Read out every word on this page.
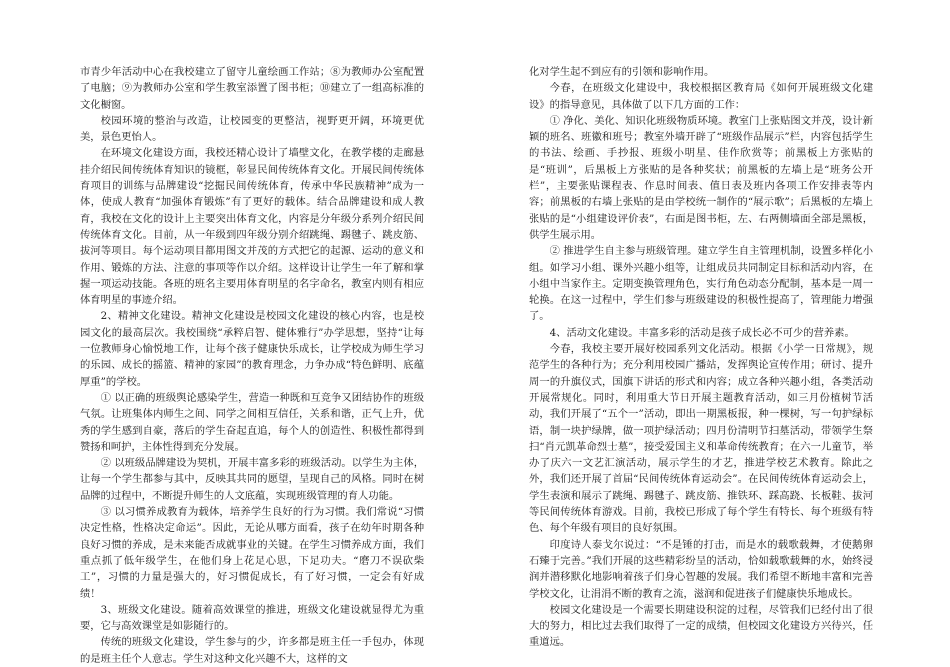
市青少年活动中心在我校建立了留守儿童绘画工作站；⑧为教师办公室配置了电脑；⑨为教师办公室和学生教室添置了图书柜；⑩建立了一组高标准的文化橱窗。

校园环境的整治与改造，让校园变的更整洁，视野更开阔，环境更优美，景色更怡人。

在环境文化建设方面，我校还精心设计了墙壁文化，在教学楼的走廊悬挂介绍民间传统体育知识的镜框，彰显民间传统体育文化。开展民间传统体育项目的训练与品牌建设“挖掘民间传统体育，传承中华民族精神”成为一体，使成人教育“加强体育锻炼”有了更好的载体。结合品牌建设和成人教育，我校在文化的设计上主要突出体育文化，内容是分年级分系列介绍民间传统体育文化。目前，从一年级到四年级分别介绍跳绳、踢毽子、跳皮筋、拔河等项目。每个运动项目都用图文并茂的方式把它的起源、运动的意义和作用、锻炼的方法、注意的事项等作以介绍。这样设计让学生一年了解和掌握一项运动技能。各班的班名主要用体育明星的名字命名，教室内则有相应体育明星的事迹介绍。

2、精神文化建设。精神文化建设是校园文化建设的核心内容，也是校园文化的最高层次。我校围绕“承粹启智、健体雅行”办学思想，坚持“让每一位教师身心愉悦地工作，让每个孩子健康快乐成长，让学校成为师生学习的乐园、成长的摇篮、精神的家园”的教育理念，力争办成“特色鲜明、底蕴厚重”的学校。

① 以正确的班级舆论感染学生，营造一种既和互竞争又团结协作的班级气氛。让班集体内师生之间、同学之间相互信任，关系和谐，正气上升，优秀的学生感到自豪，落后的学生奋起直追，每个人的创造性、积极性都得到赞扬和呵护，主体性得到充分发展。

② 以班级品牌建设为契机，开展丰富多彩的班级活动。以学生为主体，让每一个学生都参与其中，反映其共同的愿望，呈现自己的风格。同时在树品牌的过程中，不断提升师生的人文底蕴，实现班级管理的育人功能。

③ 以习惯养成教育为载体，培养学生良好的行为习惯。我们常说“习惯决定性格，性格决定命运”。因此，无论从哪方面看，孩子在幼年时期各种良好习惯的养成，是未来能否成就事业的关键。在学生习惯养成方面，我们重点抓了低年级学生，在他们身上花足心思，下足功夫。“磨刀不误砍柴工”，习惯的力量是强大的，好习惯促成长，有了好习惯，一定会有好成绩！

3、班级文化建设。随着高效课堂的推进，班级文化建设就显得尤为重要，它与高效课堂是如影随行的。

传统的班级文化建设，学生参与的少，许多都是班主任一手包办，体现的是班主任个人意志。学生对这种文化兴趣不大，这样的文

化对学生起不到应有的引领和影响作用。

今春，在班级文化建设中，我校根据区教育局《如何开展班级文化建设》的指导意见，具体做了以下几方面的工作：

① 净化、美化、知识化班级物质环境。教室门上张贴图文并茂，设计新颖的班名、班徽和班号；教室外墙开辟了“班级作品展示”栏，内容包括学生的书法、绘画、手抄报、班级小明星、佳作欣赏等；前黑板上方张贴的是“班训”，后黑板上方张贴的是各种奖状；前黑板的左墙上是“班务公开栏”，主要张贴课程表、作息时间表、值日表及班内各项工作安排表等内容；前黑板的右墙上张贴的是由学校统一制作的“展示歌”；后黑板的左墙上张贴的是“小组建设评价表”，右面是图书柜，左、右两侧墙面全部是黑板，供学生展示用。

② 推进学生自主参与班级管理。建立学生自主管理机制，设置多样化小组。如学习小组、课外兴趣小组等，让组成员共同制定目标和活动内容，在小组中当家作主。定期变换管理角色，实行角色动态分配制，基本是一周一轮换。在这一过程中，学生们参与班级建设的积极性提高了，管理能力增强了。

4、活动文化建设。丰富多彩的活动是孩子成长必不可少的营养素。

今春，我校主要开展好校园系列文化活动。根据《小学一日常规》，规范学生的各种行为；充分利用校园广播站，发挥舆论宣传作用；研讨、提升周一的升旗仪式，国旗下讲话的形式和内容；成立各种兴趣小组，各类活动开展常规化。同时，利用重大节日开展主题教育活动，如三月份植树节活动，我们开展了“五个一”活动，即出一期黑板报，种一棵树，写一句护绿标语，制一块护绿牌，做一项护绿活动；四月份清明节扫墓活动，带领学生祭扫“肖元凯革命烈士墓”，接受爱国主义和革命传统教育；在六一儿童节，举办了庆六一文艺汇演活动，展示学生的才艺，推进学校艺术教育。除此之外，我们还开展了首届“民间传统体育运动会”。在民间传统体育运动会上，学生表演和展示了跳绳、踢毽子、跳皮筋、推铁环、踩高跷、长板鞋、拔河等民间传统体育游戏。目前，我校已形成了每个学生有特长、每个班级有特色、每个年级有项目的良好氛围。

印度诗人泰戈尔说过：“不是锤的打击，而是水的载歌载舞，才使鹅卵石臻于完善。”我们开展的这些精彩纷呈的活动，恰如载歌载舞的水，始终浸润并潜移默化地影响着孩子们身心智趣的发展。我们希望不断地丰富和完善学校文化，让涓涓不断的教育之流，滋润和促进孩子们健康快乐地成长。

校园文化建设是一个需要长期建设积淀的过程，尽管我们已经付出了很大的努力，相比过去我们取得了一定的成绩，但校园文化建设方兴待兴，任重道远。
